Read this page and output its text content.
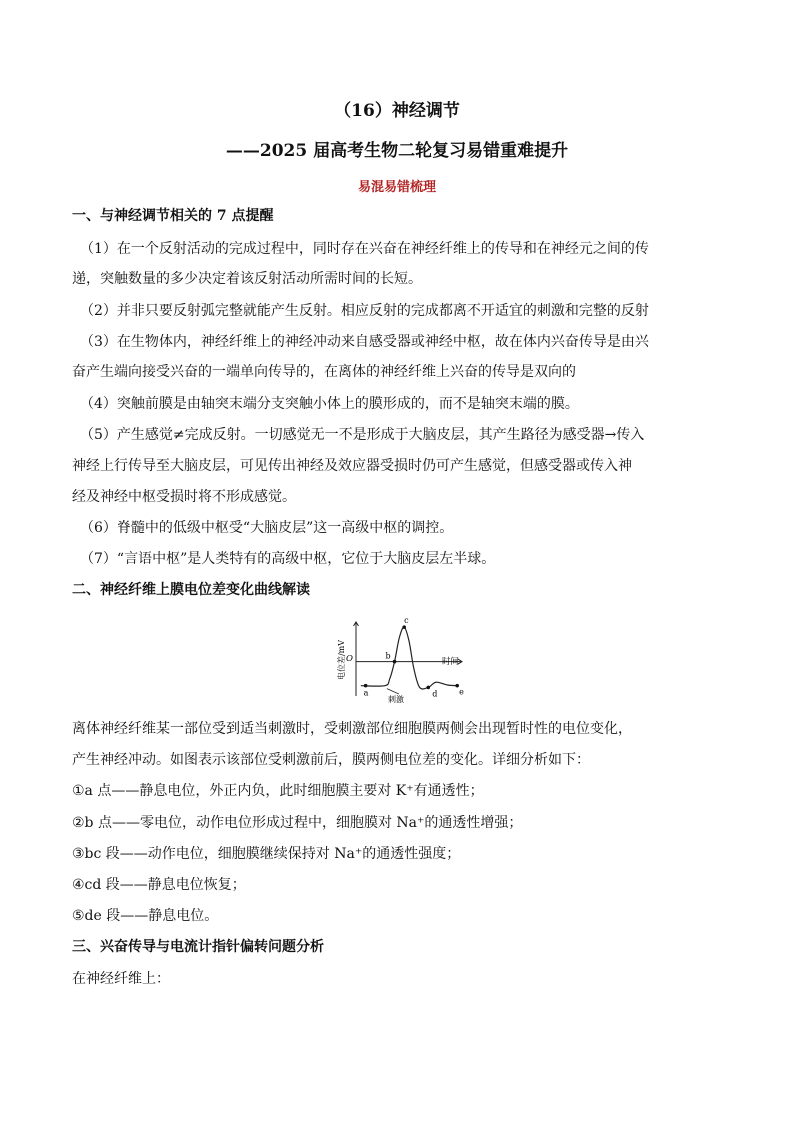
（16）神经调节
——2025 届高考生物二轮复习易错重难提升
易混易错梳理
一、与神经调节相关的 7 点提醒
（1）在一个反射活动的完成过程中，同时存在兴奋在神经纤维上的传导和在神经元之间的传
递，突触数量的多少决定着该反射活动所需时间的长短。
（2）并非只要反射弧完整就能产生反射。相应反射的完成都离不开适宜的刺激和完整的反射
（3）在生物体内，神经纤维上的神经冲动来自感受器或神经中枢，故在体内兴奋传导是由兴
奋产生端向接受兴奋的一端单向传导的，在离体的神经纤维上兴奋的传导是双向的
（4）突触前膜是由轴突末端分支突触小体上的膜形成的，而不是轴突末端的膜。
（5）产生感觉≠完成反射。一切感觉无一不是形成于大脑皮层，其产生路径为感受器→传入
神经上行传导至大脑皮层，可见传出神经及效应器受损时仍可产生感觉，但感受器或传入神
经及神经中枢受损时将不形成感觉。
（6）脊髓中的低级中枢受“大脑皮层”这一高级中枢的调控。
（7）“言语中枢”是人类特有的高级中枢，它位于大脑皮层左半球。
二、神经纤维上膜电位差变化曲线解读
a
b
c
d	e
电位差/mV	时间
O
刺激
离体神经纤维某一部位受到适当刺激时，受刺激部位细胞膜两侧会出现暂时性的电位变化，
产生神经冲动。如图表示该部位受刺激前后，膜两侧电位差的变化。详细分析如下：
①a 点——静息电位，外正内负，此时细胞膜主要对 K⁺有通透性；
②b 点——零电位，动作电位形成过程中，细胞膜对 Na⁺的通透性增强；
③bc 段——动作电位，细胞膜继续保持对 Na⁺的通透性强度；
④cd 段——静息电位恢复；
⑤de 段——静息电位。
三、兴奋传导与电流计指针偏转问题分析
在神经纤维上：
